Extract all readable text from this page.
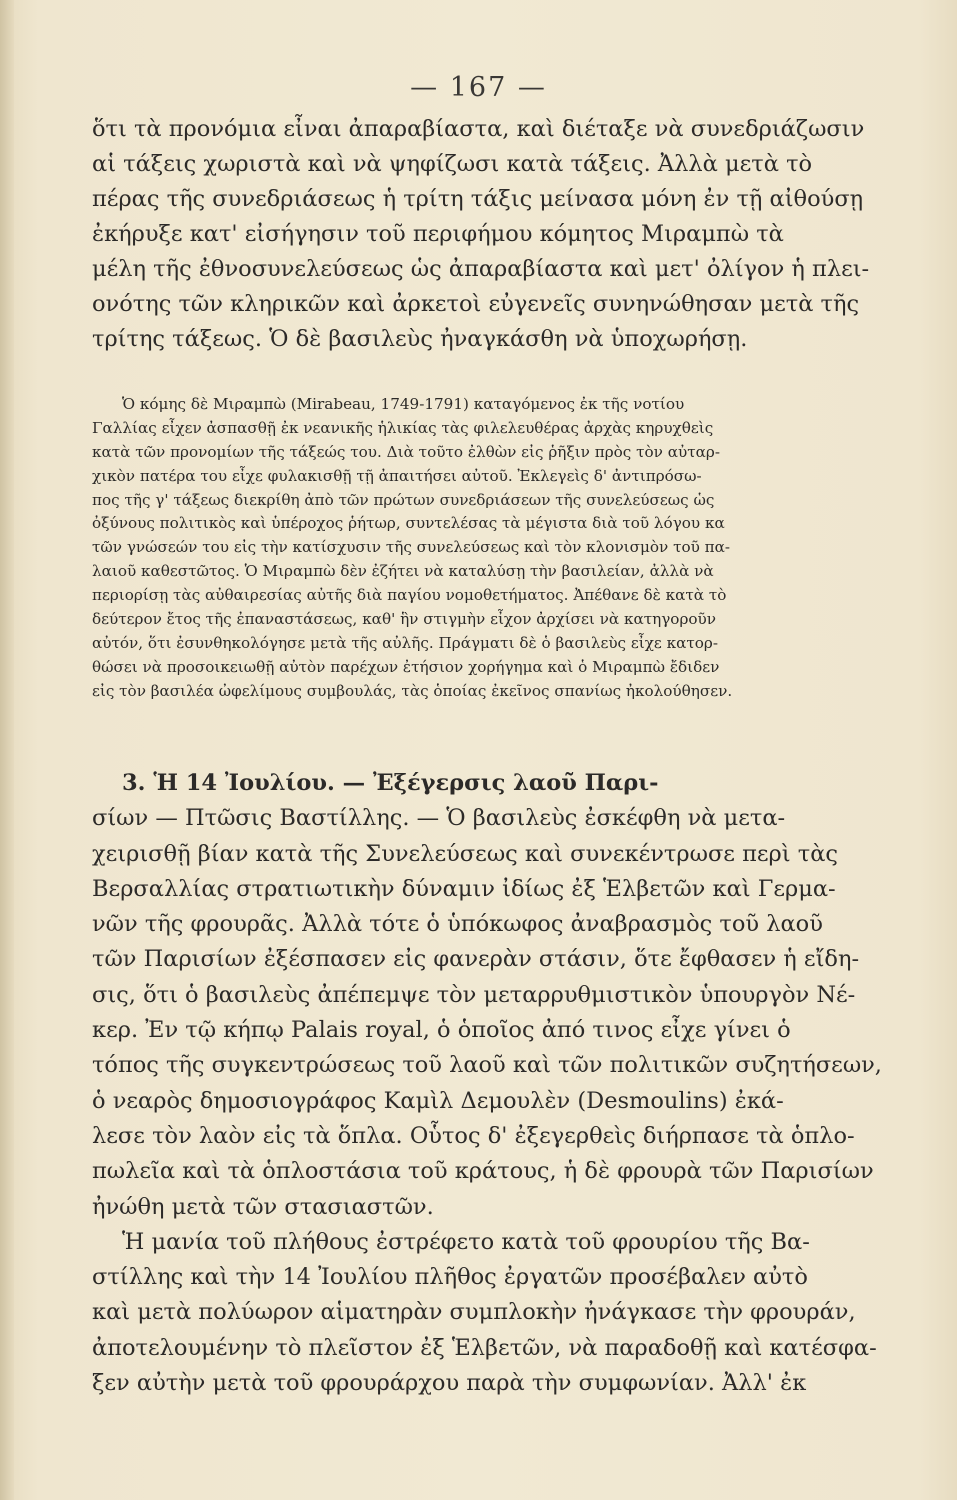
— 167 —
ὅτι τὰ προνόμια εἶναι ἀπαραβίαστα, καὶ διέταξε νὰ συνεδριάζωσιν
αἱ τάξεις χωριστὰ καὶ νὰ ψηφίζωσι κατὰ τάξεις. Ἀλλὰ μετὰ τὸ
πέρας τῆς συνεδριάσεως ἡ τρίτη τάξις μείνασα μόνη ἐν τῇ αἰθούσῃ
ἐκήρυξε κατ' εἰσήγησιν τοῦ περιφήμου κόμητος Μιραμπὼ τὰ
μέλη τῆς ἐθνοσυνελεύσεως ὡς ἀπαραβίαστα καὶ μετ' ὀλίγον ἡ πλει-
ονότης τῶν κληρικῶν καὶ ἀρκετοὶ εὐγενεῖς συνηνώθησαν μετὰ τῆς
τρίτης τάξεως. Ὁ δὲ βασιλεὺς ἠναγκάσθη νὰ ὑποχωρήσῃ.
Ὁ κόμης δὲ Μιραμπὼ (Mirabeau, 1749-1791) καταγόμενος ἐκ τῆς νοτίου
Γαλλίας εἶχεν ἀσπασθῇ ἐκ νεανικῆς ἡλικίας τὰς φιλελευθέρας ἀρχὰς κηρυχθεὶς
κατὰ τῶν προνομίων τῆς τάξεώς του. Διὰ τοῦτο ἐλθὼν εἰς ῥῆξιν πρὸς τὸν αὐταρ-
χικὸν πατέρα του εἶχε φυλακισθῇ τῇ ἀπαιτήσει αὐτοῦ. Ἐκλεγεὶς δ' ἀντιπρόσω-
πος τῆς γ' τάξεως διεκρίθη ἀπὸ τῶν πρώτων συνεδριάσεων τῆς συνελεύσεως ὡς
ὀξύνους πολιτικὸς καὶ ὑπέροχος ῥήτωρ, συντελέσας τὰ μέγιστα διὰ τοῦ λόγου κα
τῶν γνώσεών του εἰς τὴν κατίσχυσιν τῆς συνελεύσεως καὶ τὸν κλονισμὸν τοῦ πα-
λαιοῦ καθεστῶτος. Ὁ Μιραμπὼ δὲν ἐζήτει νὰ καταλύσῃ τὴν βασιλείαν, ἀλλὰ νὰ
περιορίσῃ τὰς αὐθαιρεσίας αὐτῆς διὰ παγίου νομοθετήματος. Ἀπέθανε δὲ κατὰ τὸ
δεύτερον ἔτος τῆς ἐπαναστάσεως, καθ' ἣν στιγμὴν εἶχον ἀρχίσει νὰ κατηγοροῦν
αὐτόν, ὅτι ἐσυνθηκολόγησε μετὰ τῆς αὐλῆς. Πράγματι δὲ ὁ βασιλεὺς εἶχε κατορ-
θώσει νὰ προσοικειωθῇ αὐτὸν παρέχων ἐτήσιον χορήγημα καὶ ὁ Μιραμπὼ ἔδιδεν
εἰς τὸν βασιλέα ὠφελίμους συμβουλάς, τὰς ὁποίας ἐκεῖνος σπανίως ἠκολούθησεν.
3. Ἡ 14 Ἰουλίου. — Ἐξέγερσις λαοῦ Παρι-
σίων — Πτῶσις Βαστίλλης. — Ὁ βασιλεὺς ἐσκέφθη νὰ μετα-
χειρισθῇ βίαν κατὰ τῆς Συνελεύσεως καὶ συνεκέντρωσε περὶ τὰς
Βερσαλλίας στρατιωτικὴν δύναμιν ἰδίως ἐξ Ἑλβετῶν καὶ Γερμα-
νῶν τῆς φρουρᾶς. Ἀλλὰ τότε ὁ ὑπόκωφος ἀναβρασμὸς τοῦ λαοῦ
τῶν Παρισίων ἐξέσπασεν εἰς φανερὰν στάσιν, ὅτε ἔφθασεν ἡ εἴδη-
σις, ὅτι ὁ βασιλεὺς ἀπέπεμψε τὸν μεταρρυθμιστικὸν ὑπουργὸν Νέ-
κερ. Ἐν τῷ κήπῳ Palais royal, ὁ ὁποῖος ἀπό τινος εἶχε γίνει ὁ
τόπος τῆς συγκεντρώσεως τοῦ λαοῦ καὶ τῶν πολιτικῶν συζητήσεων,
ὁ νεαρὸς δημοσιογράφος Καμὶλ Δεμουλὲν (Desmoulins) ἐκά-
λεσε τὸν λαὸν εἰς τὰ ὅπλα. Οὗτος δ' ἐξεγερθεὶς διήρπασε τὰ ὁπλο-
πωλεῖα καὶ τὰ ὁπλοστάσια τοῦ κράτους, ἡ δὲ φρουρὰ τῶν Παρισίων
ἠνώθη μετὰ τῶν στασιαστῶν.
Ἡ μανία τοῦ πλήθους ἐστρέφετο κατὰ τοῦ φρουρίου τῆς Βα-
στίλλης καὶ τὴν 14 Ἰουλίου πλῆθος ἐργατῶν προσέβαλεν αὐτὸ
καὶ μετὰ πολύωρον αἱματηρὰν συμπλοκὴν ἠνάγκασε τὴν φρουράν,
ἀποτελουμένην τὸ πλεῖστον ἐξ Ἑλβετῶν, νὰ παραδοθῇ καὶ κατέσφα-
ξεν αὐτὴν μετὰ τοῦ φρουράρχου παρὰ τὴν συμφωνίαν. Ἀλλ' ἐκ
